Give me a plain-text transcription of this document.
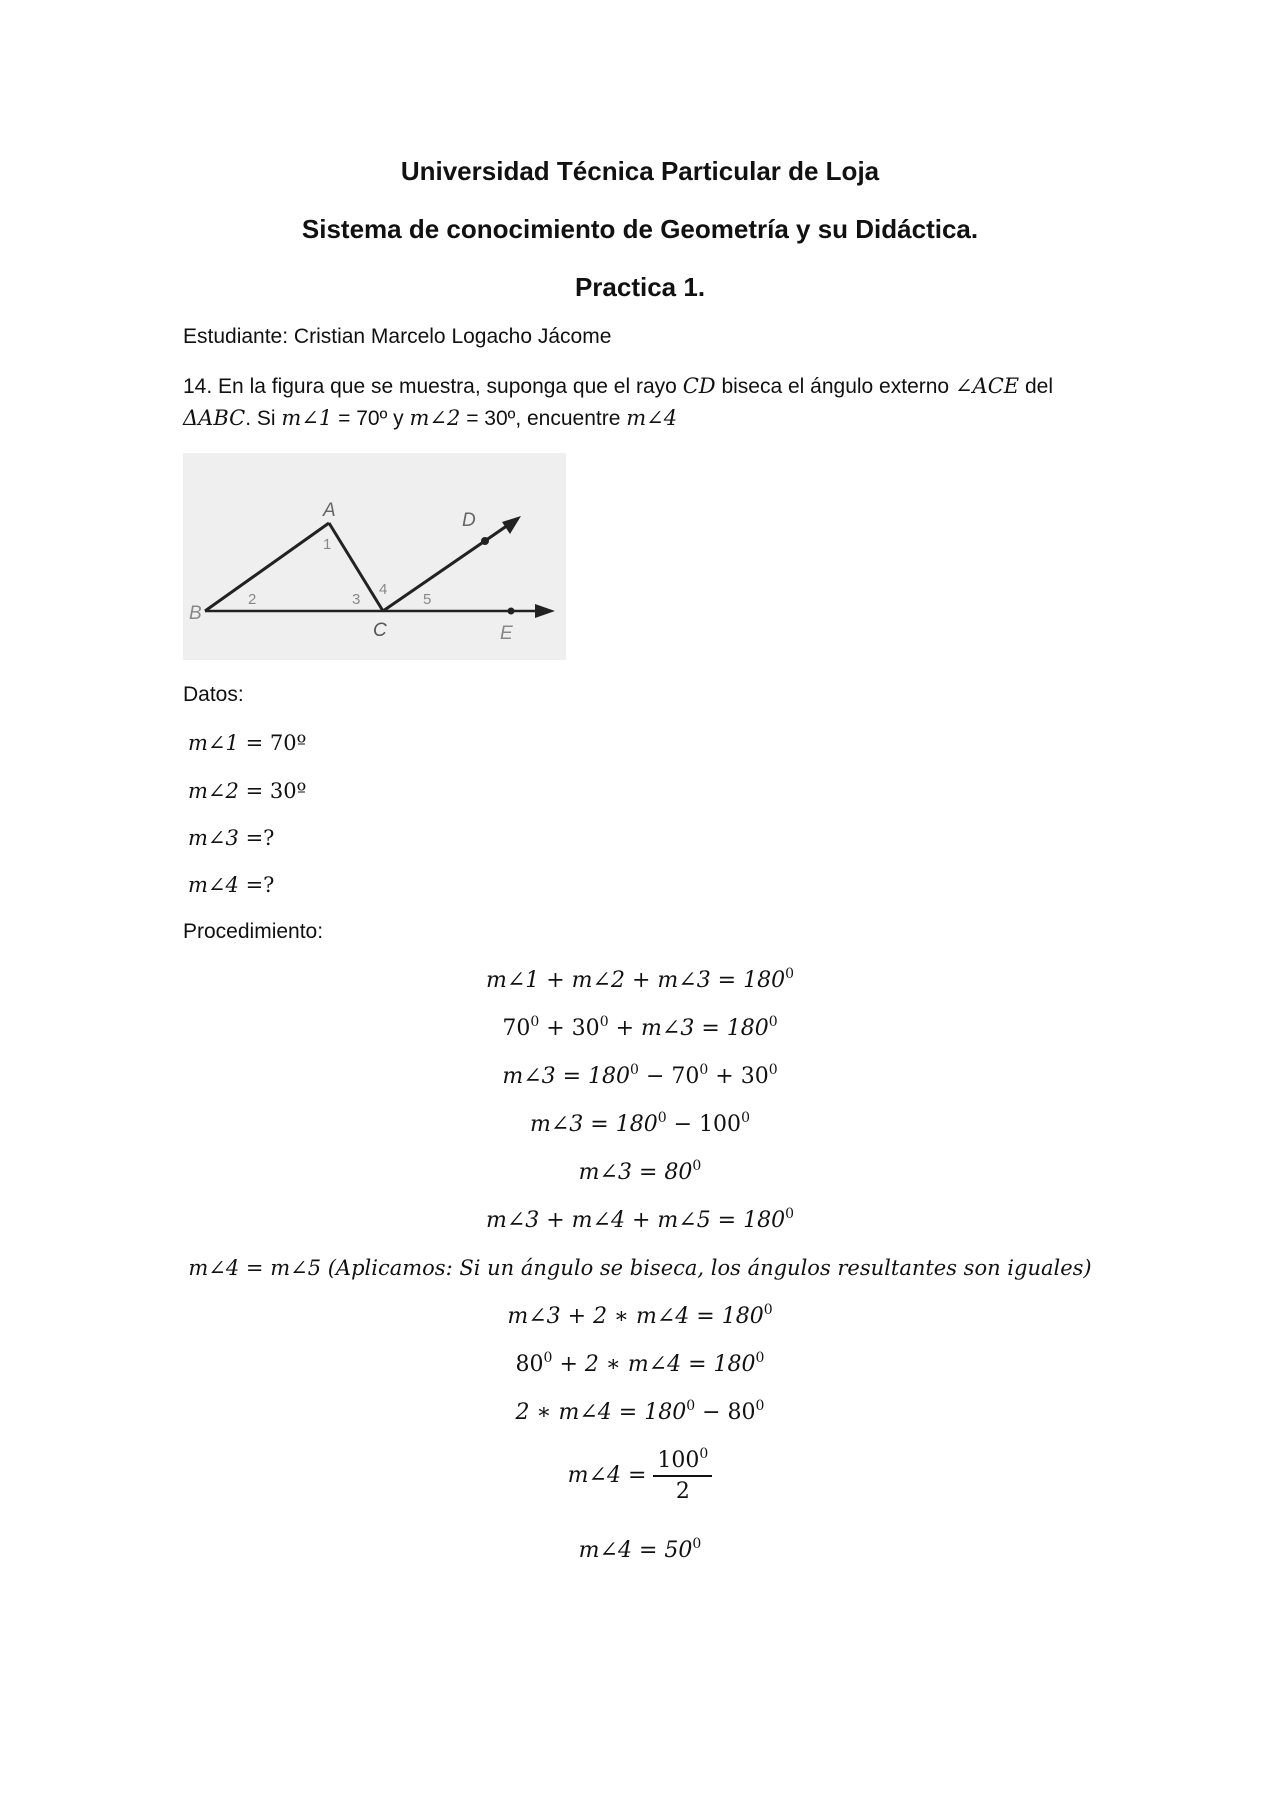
Universidad Técnica Particular de Loja
Sistema de conocimiento de Geometría y su Didáctica.
Practica 1.
Estudiante: Cristian Marcelo Logacho Jácome
14. En la figura que se muestra, suponga que el rayo CD biseca el ángulo externo ∠ACE del
ΔABC. Si m∠1 = 70º y m∠2 = 30º, encuentre m∠4
A
B
C
D
E
1
2	3
4
5
Datos:
m∠1 = 70º
m∠2 = 30º
m∠3 =?
m∠4 =?
Procedimiento:
m∠1 + m∠2 + m∠3 = $180^0$
$70^0 + 30^0$ + m∠3 = $180^0$
m∠3 = $180^0 - 70^0 + 30^0$
m∠3 = $180^0 - 100^0$
m∠3 = $80^0$
m∠3 + m∠4 + m∠5 = $180^0$
m∠4 = m∠5 (Aplicamos: Si un ángulo se biseca, los ángulos resultantes son iguales)
m∠3 + 2 ∗ m∠4 = $180^0$
$80^0 + 2$ ∗ m∠4 = $180^0$
2 ∗ m∠4 = $180^0 - 80^0$
m∠4 = $\frac{100^0}{2}$
m∠4 = $50^0$
